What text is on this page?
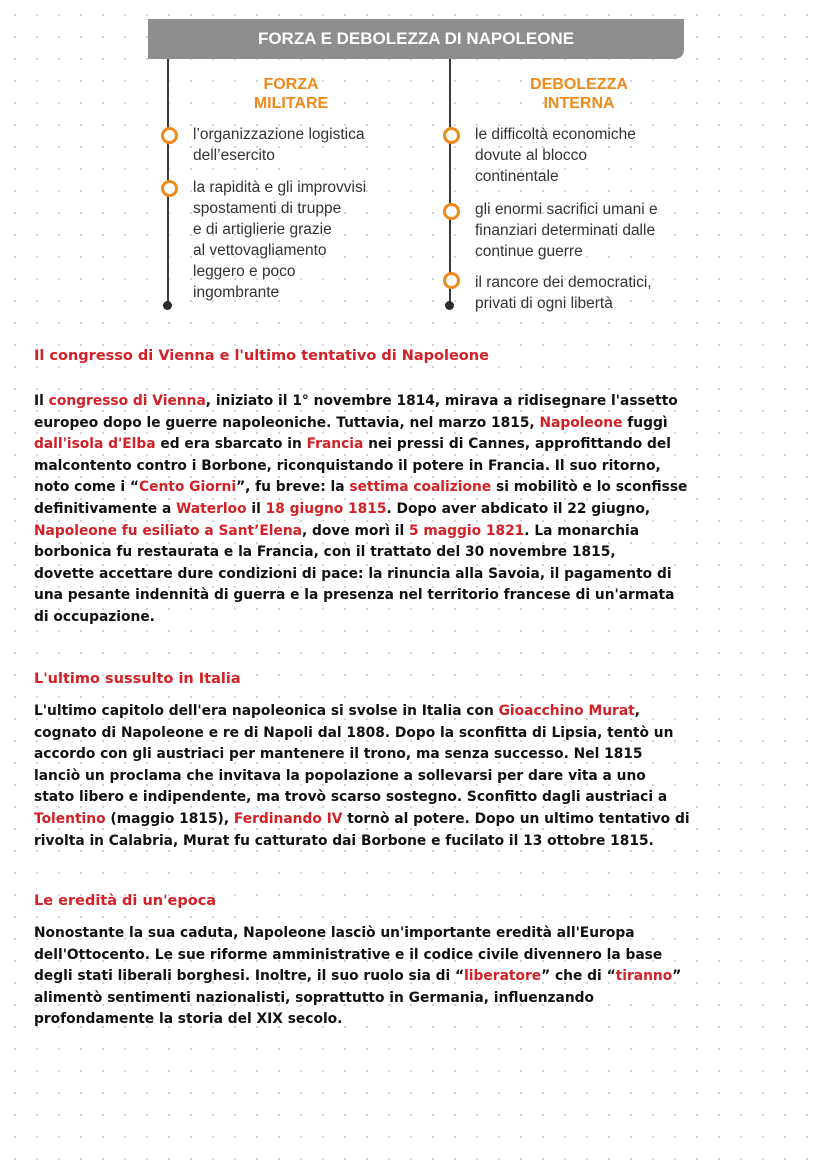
FORZA E DEBOLEZZA DI NAPOLEONE
FORZA
MILITARE
DEBOLEZZA
INTERNA
l’organizzazione logistica
dell’esercito
la rapidità e gli improvvisi
spostamenti di truppe
e di artiglierie grazie
al vettovagliamento
leggero e poco
ingombrante
le difficoltà economiche
dovute al blocco
continentale
gli enormi sacrifici umani e
finanziari determinati dalle
continue guerre
il rancore dei democratici,
privati di ogni libertà
Il congresso di Vienna e l'ultimo tentativo di Napoleone
Il congresso di Vienna, iniziato il 1° novembre 1814, mirava a ridisegnare l'assetto
europeo dopo le guerre napoleoniche. Tuttavia, nel marzo 1815, Napoleone fuggì
dall'isola d'Elba ed era sbarcato in Francia nei pressi di Cannes, approfittando del
malcontento contro i Borbone, riconquistando il potere in Francia. Il suo ritorno,
noto come i “Cento Giorni”, fu breve: la settima coalizione si mobilitò e lo sconfisse
definitivamente a Waterloo il 18 giugno 1815. Dopo aver abdicato il 22 giugno,
Napoleone fu esiliato a Sant’Elena, dove morì il 5 maggio 1821. La monarchia
borbonica fu restaurata e la Francia, con il trattato del 30 novembre 1815,
dovette accettare dure condizioni di pace: la rinuncia alla Savoia, il pagamento di
una pesante indennità di guerra e la presenza nel territorio francese di un'armata
di occupazione.
L'ultimo sussulto in Italia
L'ultimo capitolo dell'era napoleonica si svolse in Italia con Gioacchino Murat,
cognato di Napoleone e re di Napoli dal 1808. Dopo la sconfitta di Lipsia, tentò un
accordo con gli austriaci per mantenere il trono, ma senza successo. Nel 1815
lanciò un proclama che invitava la popolazione a sollevarsi per dare vita a uno
stato libero e indipendente, ma trovò scarso sostegno. Sconfitto dagli austriaci a
Tolentino (maggio 1815), Ferdinando IV tornò al potere. Dopo un ultimo tentativo di
rivolta in Calabria, Murat fu catturato dai Borbone e fucilato il 13 ottobre 1815.
Le eredità di un'epoca
Nonostante la sua caduta, Napoleone lasciò un'importante eredità all'Europa
dell'Ottocento. Le sue riforme amministrative e il codice civile divennero la base
degli stati liberali borghesi. Inoltre, il suo ruolo sia di “liberatore” che di “tiranno”
alimentò sentimenti nazionalisti, soprattutto in Germania, influenzando
profondamente la storia del XIX secolo.
